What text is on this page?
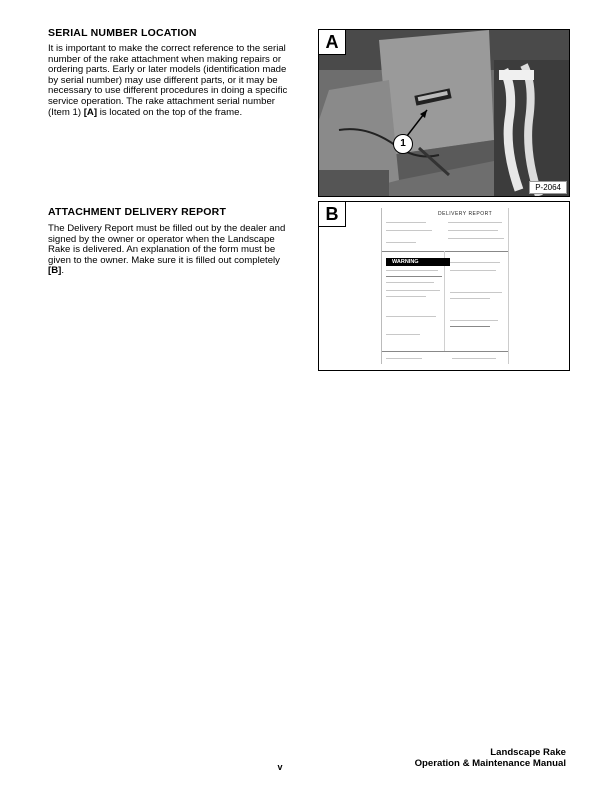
SERIAL NUMBER LOCATION

It is important to make the correct reference to the serial number of the rake attachment when making repairs or ordering parts. Early or later models (identification made by serial number) may use different parts, or it may be necessary to use different procedures in doing a specific service operation. The rake attachment serial number (Item 1) [A] is located on the top of the frame.

ATTACHMENT DELIVERY REPORT

The Delivery Report must be filled out by the dealer and signed by the owner or operator when the Landscape Rake is delivered. An explanation of the form must be given to the owner. Make sure it is filled out completely [B].

A
1
P-2064
B	DELIVERY REPORT
WARNING
v
Landscape Rake
Operation & Maintenance Manual
